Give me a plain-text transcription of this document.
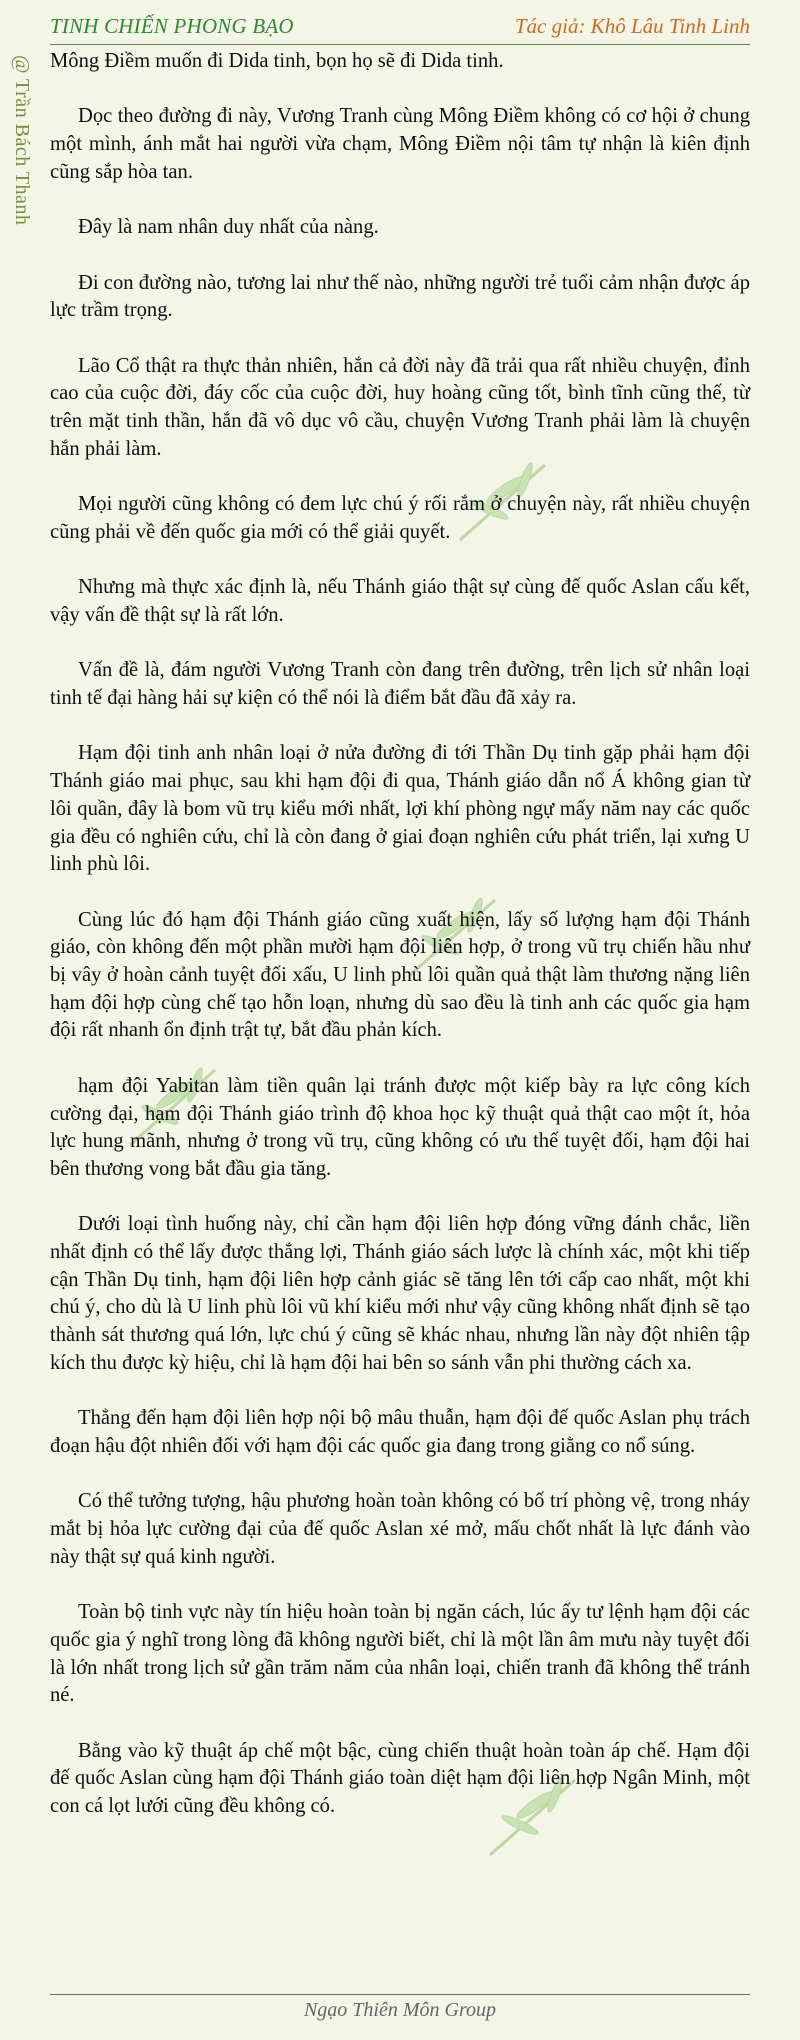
TINH CHIẾN PHONG BẠO	Tác giả: Khô Lâu Tinh Linh
@ Trần Bách Thanh Mông Điềm muốn đi Dida tinh, bọn họ sẽ đi Dida tinh.

Dọc theo đường đi này, Vương Tranh cùng Mông Điềm không có cơ hội ở chung một mình, ánh mắt hai người vừa chạm, Mông Điềm nội tâm tự nhận là kiên định cũng sắp hòa tan.

Đây là nam nhân duy nhất của nàng.

Đi con đường nào, tương lai như thế nào, những người trẻ tuổi cảm nhận được áp lực trầm trọng.

Lão Cổ thật ra thực thản nhiên, hắn cả đời này đã trải qua rất nhiều chuyện, đỉnh cao của cuộc đời, đáy cốc của cuộc đời, huy hoàng cũng tốt, bình tĩnh cũng thế, từ trên mặt tinh thần, hắn đã vô dục vô cầu, chuyện Vương Tranh phải làm là chuyện hắn phải làm.

Mọi người cũng không có đem lực chú ý rối rắm ở chuyện này, rất nhiều chuyện cũng phải về đến quốc gia mới có thể giải quyết.

Nhưng mà thực xác định là, nếu Thánh giáo thật sự cùng đế quốc Aslan cấu kết, vậy vấn đề thật sự là rất lớn.

Vấn đề là, đám người Vương Tranh còn đang trên đường, trên lịch sử nhân loại tinh tế đại hàng hải sự kiện có thể nói là điểm bắt đầu đã xảy ra.

Hạm đội tinh anh nhân loại ở nửa đường đi tới Thần Dụ tinh gặp phải hạm đội Thánh giáo mai phục, sau khi hạm đội đi qua, Thánh giáo dẫn nổ Á không gian từ lôi quần, đây là bom vũ trụ kiểu mới nhất, lợi khí phòng ngự mấy năm nay các quốc gia đều có nghiên cứu, chỉ là còn đang ở giai đoạn nghiên cứu phát triển, lại xưng U linh phù lôi.

Cùng lúc đó hạm đội Thánh giáo cũng xuất hiện, lấy số lượng hạm đội Thánh giáo, còn không đến một phần mười hạm đội liên hợp, ở trong vũ trụ chiến hầu như bị vây ở hoàn cảnh tuyệt đối xấu, U linh phù lôi quần quả thật làm thương nặng liên hạm đội hợp cùng chế tạo hỗn loạn, nhưng dù sao đều là tinh anh các quốc gia hạm đội rất nhanh ổn định trật tự, bắt đầu phản kích.

hạm đội Yabitan làm tiền quân lại tránh được một kiếp bày ra lực công kích cường đại, hạm đội Thánh giáo trình độ khoa học kỹ thuật quả thật cao một ít, hỏa lực hung mãnh, nhưng ở trong vũ trụ, cũng không có ưu thế tuyệt đối, hạm đội hai bên thương vong bắt đầu gia tăng.

Dưới loại tình huống này, chỉ cần hạm đội liên hợp đóng vững đánh chắc, liền nhất định có thể lấy được thắng lợi, Thánh giáo sách lược là chính xác, một khi tiếp cận Thần Dụ tinh, hạm đội liên hợp cảnh giác sẽ tăng lên tới cấp cao nhất, một khi chú ý, cho dù là U linh phù lôi vũ khí kiểu mới như vậy cũng không nhất định sẽ tạo thành sát thương quá lớn, lực chú ý cũng sẽ khác nhau, nhưng lần này đột nhiên tập kích thu được kỳ hiệu, chỉ là hạm đội hai bên so sánh vẫn phi thường cách xa.

Thẳng đến hạm đội liên hợp nội bộ mâu thuẫn, hạm đội đế quốc Aslan phụ trách đoạn hậu đột nhiên đối với hạm đội các quốc gia đang trong giằng co nổ súng.

Có thể tưởng tượng, hậu phương hoàn toàn không có bố trí phòng vệ, trong nháy mắt bị hỏa lực cường đại của đế quốc Aslan xé mở, mấu chốt nhất là lực đánh vào này thật sự quá kinh người.

Toàn bộ tinh vực này tín hiệu hoàn toàn bị ngăn cách, lúc ấy tư lệnh hạm đội các quốc gia ý nghĩ trong lòng đã không người biết, chỉ là một lần âm mưu này tuyệt đối là lớn nhất trong lịch sử gần trăm năm của nhân loại, chiến tranh đã không thể tránh né.

Bằng vào kỹ thuật áp chế một bậc, cùng chiến thuật hoàn toàn áp chế. Hạm đội đế quốc Aslan cùng hạm đội Thánh giáo toàn diệt hạm đội liên hợp Ngân Minh, một con cá lọt lưới cũng đều không có.

Ngạo Thiên Môn Group
